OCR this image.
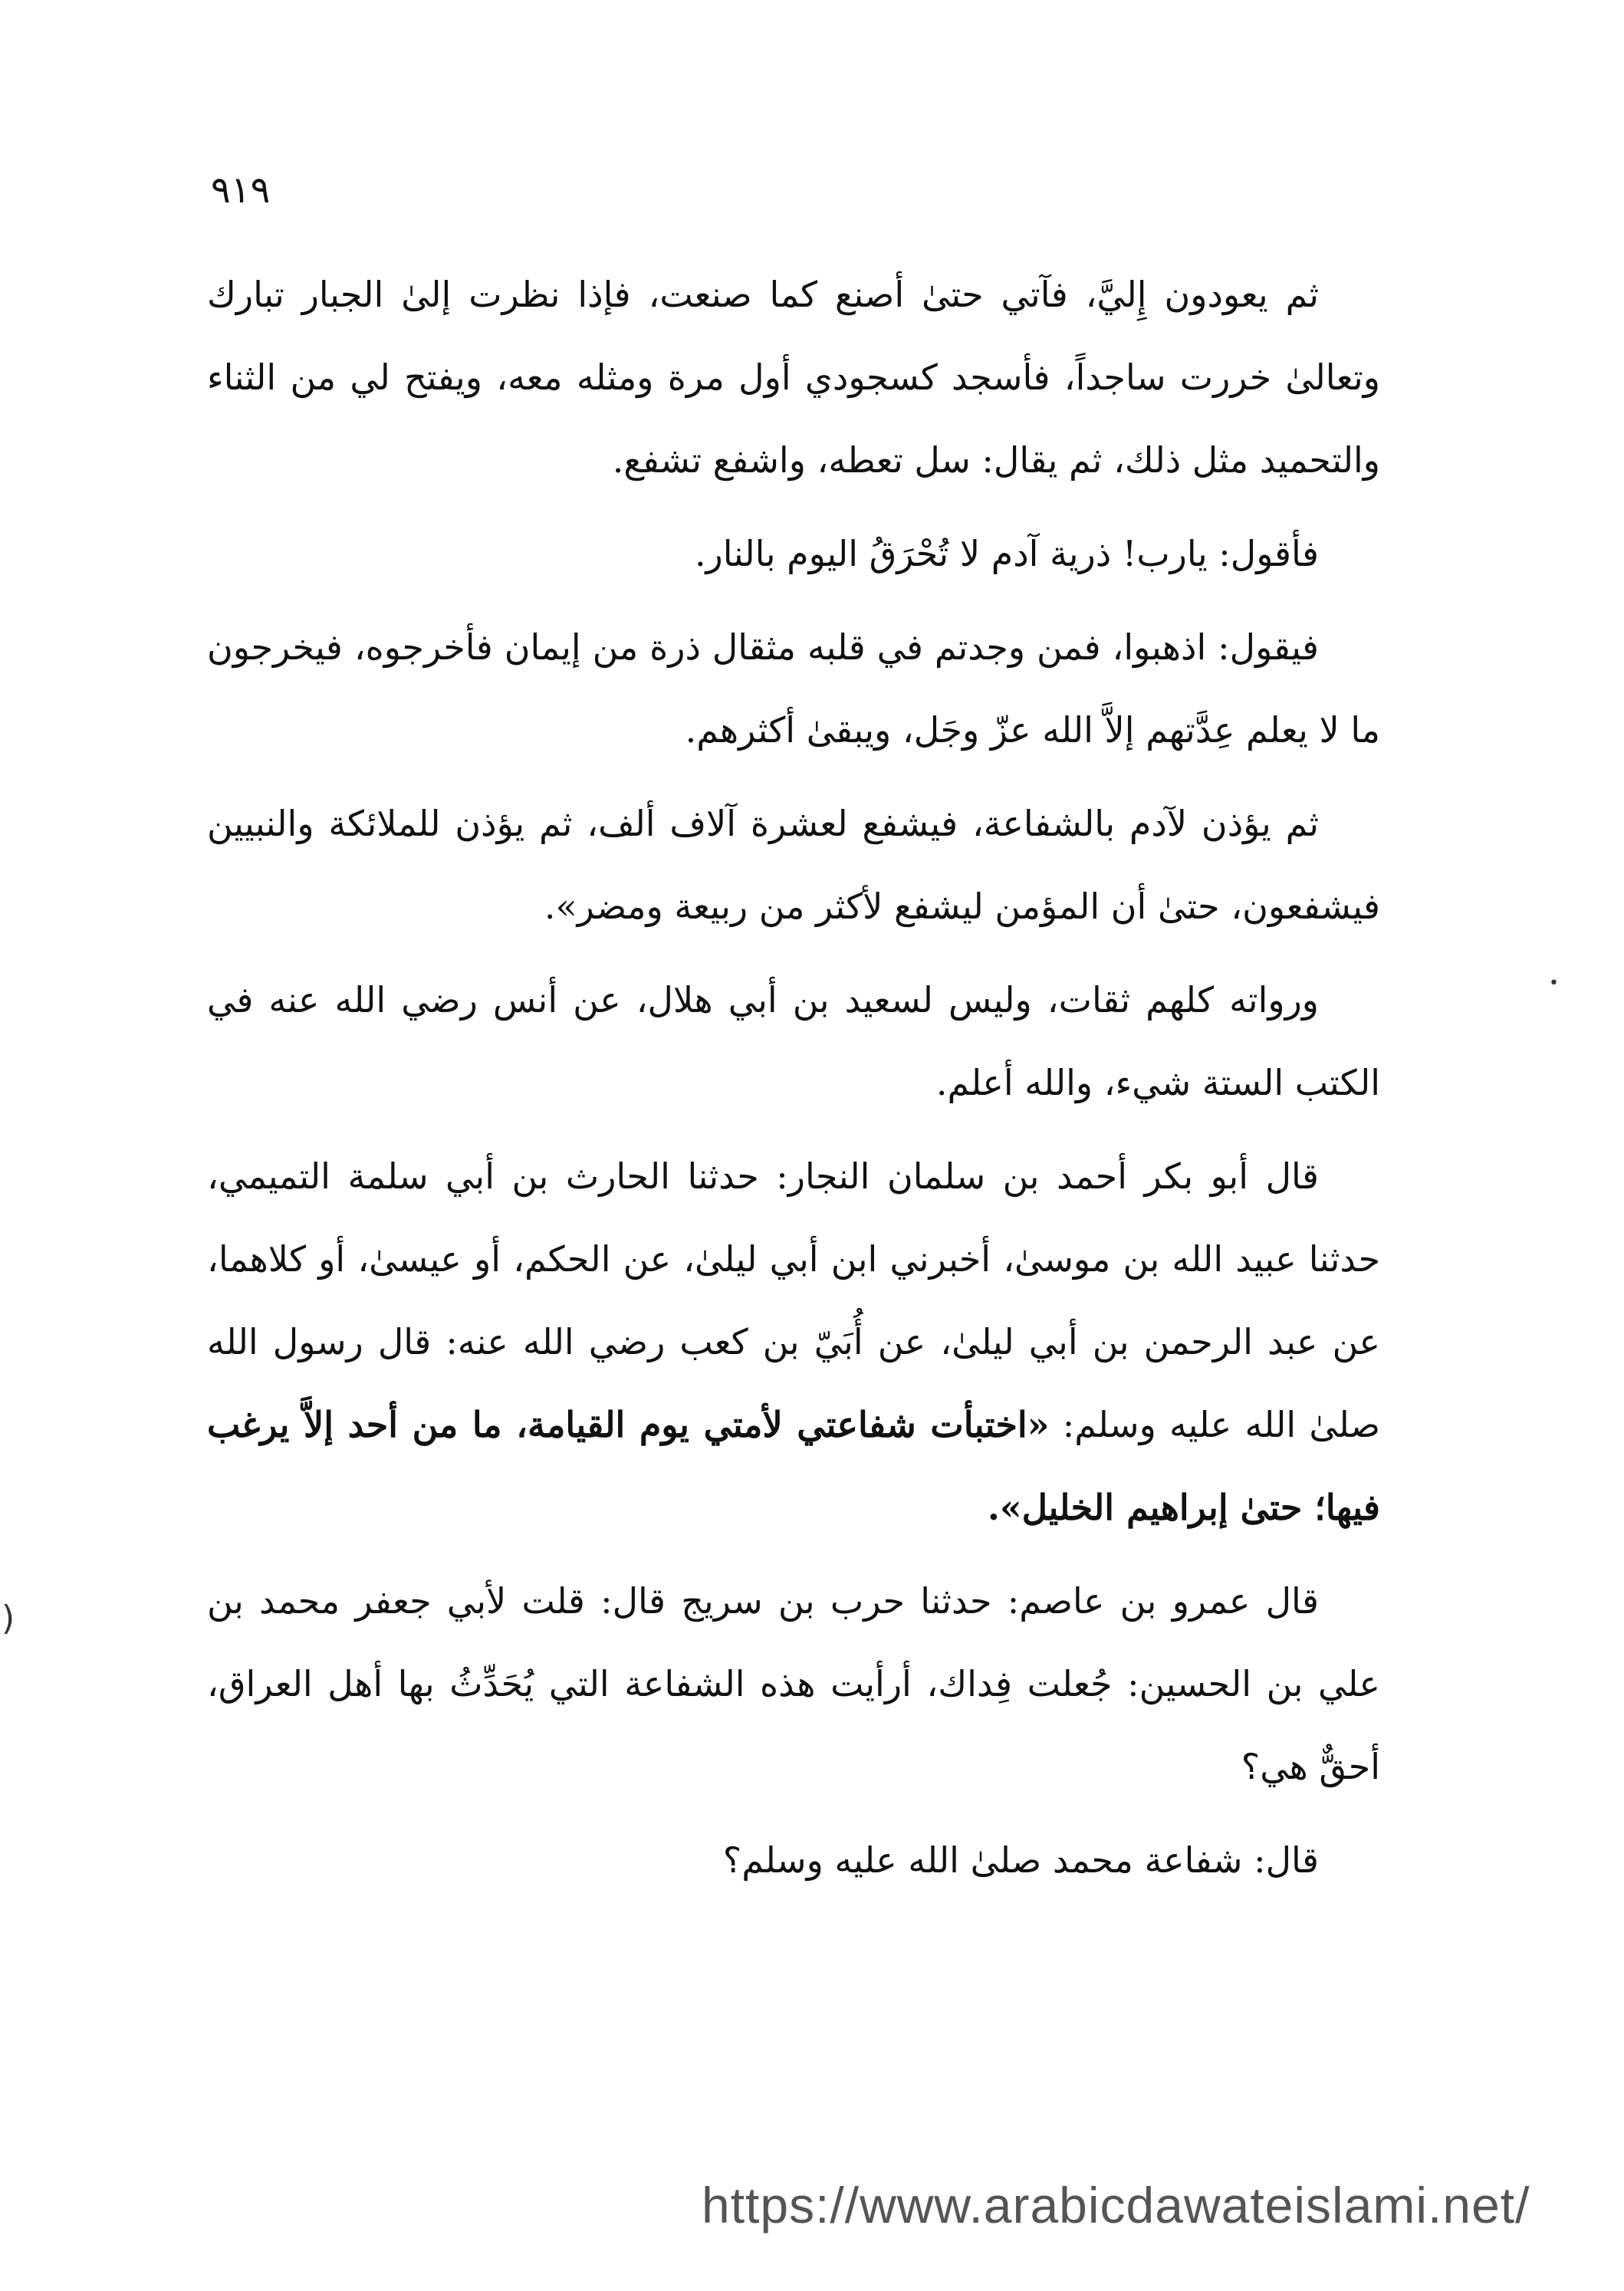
٩١٩

ثم يعودون إِليَّ، فآتي حتىٰ أصنع كما صنعت، فإذا نظرت إلىٰ الجبار تبارك وتعالىٰ خررت ساجداً، فأسجد كسجودي أول مرة ومثله معه، ويفتح لي من الثناء والتحميد مثل ذلك، ثم يقال: سل تعطه، واشفع تشفع.

فأقول: يارب! ذرية آدم لا تُحْرَقُ اليوم بالنار.

فيقول: اذهبوا، فمن وجدتم في قلبه مثقال ذرة من إيمان فأخرجوه، فيخرجون ما لا يعلم عِدَّتهم إلاَّ الله عزّ وجَل، ويبقىٰ أكثرهم.

ثم يؤذن لآدم بالشفاعة، فيشفع لعشرة آلاف ألف، ثم يؤذن للملائكة والنبيين فيشفعون، حتىٰ أن المؤمن ليشفع لأكثر من ربيعة ومضر».

ورواته كلهم ثقات، وليس لسعيد بن أبي هلال، عن أنس رضي الله عنه في الكتب الستة شيء، والله أعلم.

قال أبو بكر أحمد بن سلمان النجار: حدثنا الحارث بن أبي سلمة التميمي، حدثنا عبيد الله بن موسىٰ، أخبرني ابن أبي ليلىٰ، عن الحكم، أو عيسىٰ، أو كلاهما، عن عبد الرحمن بن أبي ليلىٰ، عن أُبَيّ بن كعب رضي الله عنه: قال رسول الله صلىٰ الله عليه وسلم: «اختبأت شفاعتي لأمتي يوم القيامة، ما من أحد إلاَّ يرغب فيها؛ حتىٰ إبراهيم الخليل».

قال عمرو بن عاصم: حدثنا حرب بن سريج قال: قلت لأبي جعفر محمد بن علي بن الحسين: جُعلت فِداك، أرأيت هذه الشفاعة التي يُحَدِّثُ بها أهل العراق، أحقٌّ هي؟

قال: شفاعة محمد صلىٰ الله عليه وسلم؟

https://www.arabicdawateislami.net/
•
)
